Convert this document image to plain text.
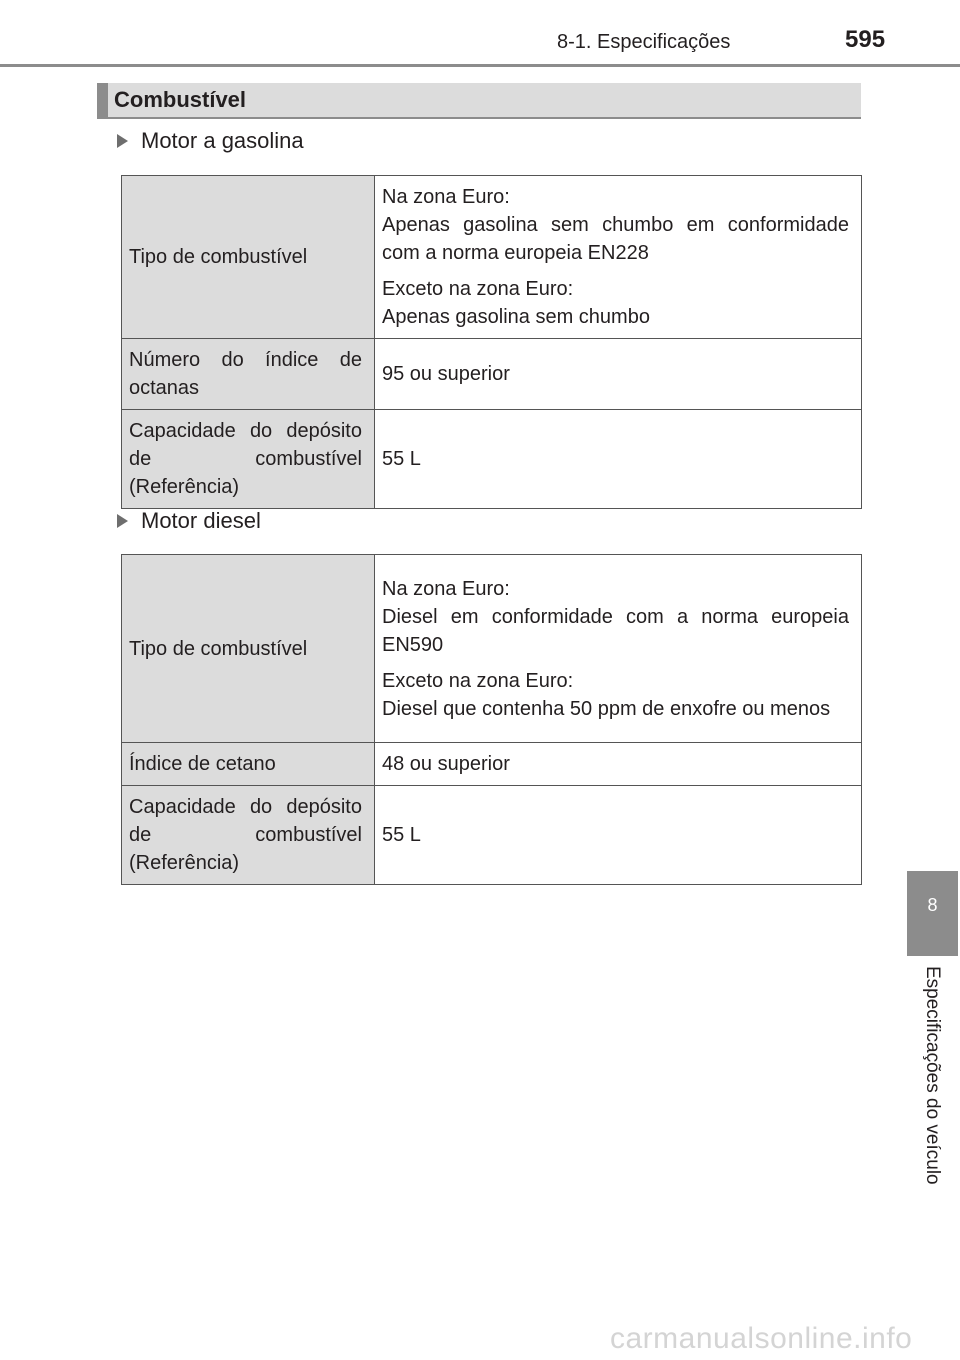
8-1. Especificações	595
Combustível
Motor a gasolina
Tipo de combustível	Na zona Euro:
Apenas gasolina sem chumbo em conformidade com a norma europeia EN228

Exceto na zona Euro:
Apenas gasolina sem chumbo

Número do índice de octanas	95 ou superior
Capacidade do depósito de combustível (Referência)	55 L
Motor diesel
Tipo de combustível	Na zona Euro:
Diesel em conformidade com a norma europeia EN590

Exceto na zona Euro:
Diesel que contenha 50 ppm de enxofre ou menos

Índice de cetano	48 ou superior
Capacidade do depósito de combustível (Referência)	55 L
8
Especificações do veículo
carmanualsonline.info
